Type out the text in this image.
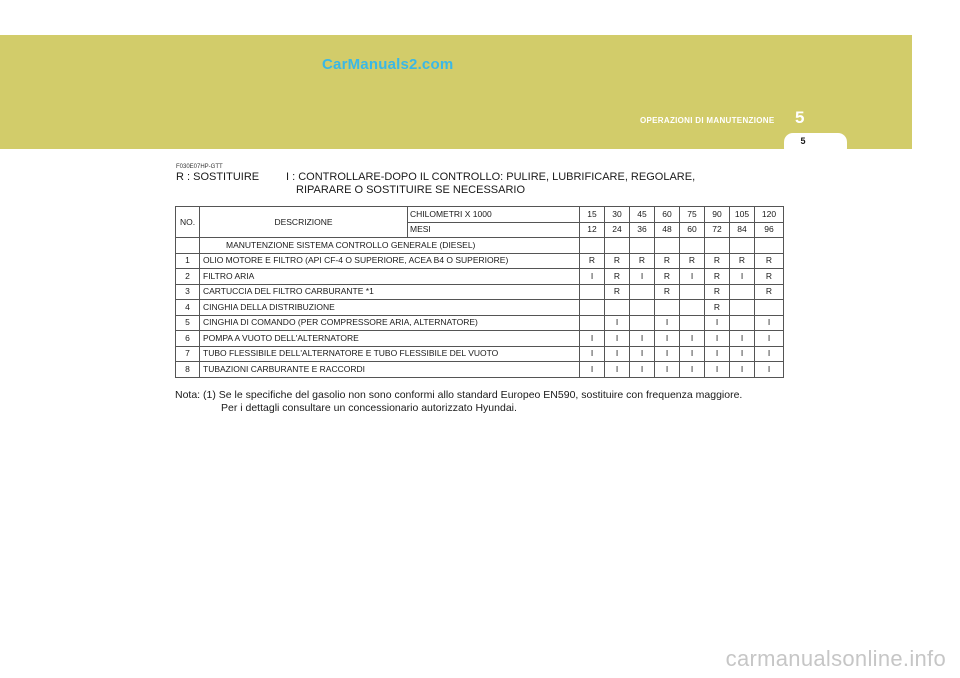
CarManuals2.com
OPERAZIONI DI MANUTENZIONE 5
5
F030E07HP-GTT
R : SOSTITUIRE I : CONTROLLARE-DOPO IL CONTROLLO: PULIRE, LUBRIFICARE, REGOLARE,
RIPARARE O SOSTITUIRE SE NECESSARIO
NO.	DESCRIZIONE	CHILOMETRI X 1000	15	30	45	60	75	90	105	120
		MESI	12	24	36	48	60	72	84	96
	MANUTENZIONE SISTEMA CONTROLLO GENERALE (DIESEL)									
1	OLIO MOTORE E FILTRO (API CF-4 O SUPERIORE, ACEA B4 O SUPERIORE)		R	R	R	R	R	R	R	R
2	FILTRO ARIA		I	R	I	R	I	R	I	R
3	CARTUCCIA DEL FILTRO CARBURANTE *1			R		R		R		R
4	CINGHIA DELLA DISTRIBUZIONE							R		
5	CINGHIA DI COMANDO (PER COMPRESSORE ARIA, ALTERNATORE)			I		I		I		I
6	POMPA A VUOTO DELL'ALTERNATORE		I	I	I	I	I	I	I	I
7	TUBO FLESSIBILE DELL'ALTERNATORE E TUBO FLESSIBILE DEL VUOTO		I	I	I	I	I	I	I	I
8	TUBAZIONI CARBURANTE E RACCORDI		I	I	I	I	I	I	I	I
Nota: (1) Se le specifiche del gasolio non sono conformi allo standard Europeo EN590, sostituire con frequenza maggiore.
Per i dettagli consultare un concessionario autorizzato Hyundai.
carmanualsonline.info
